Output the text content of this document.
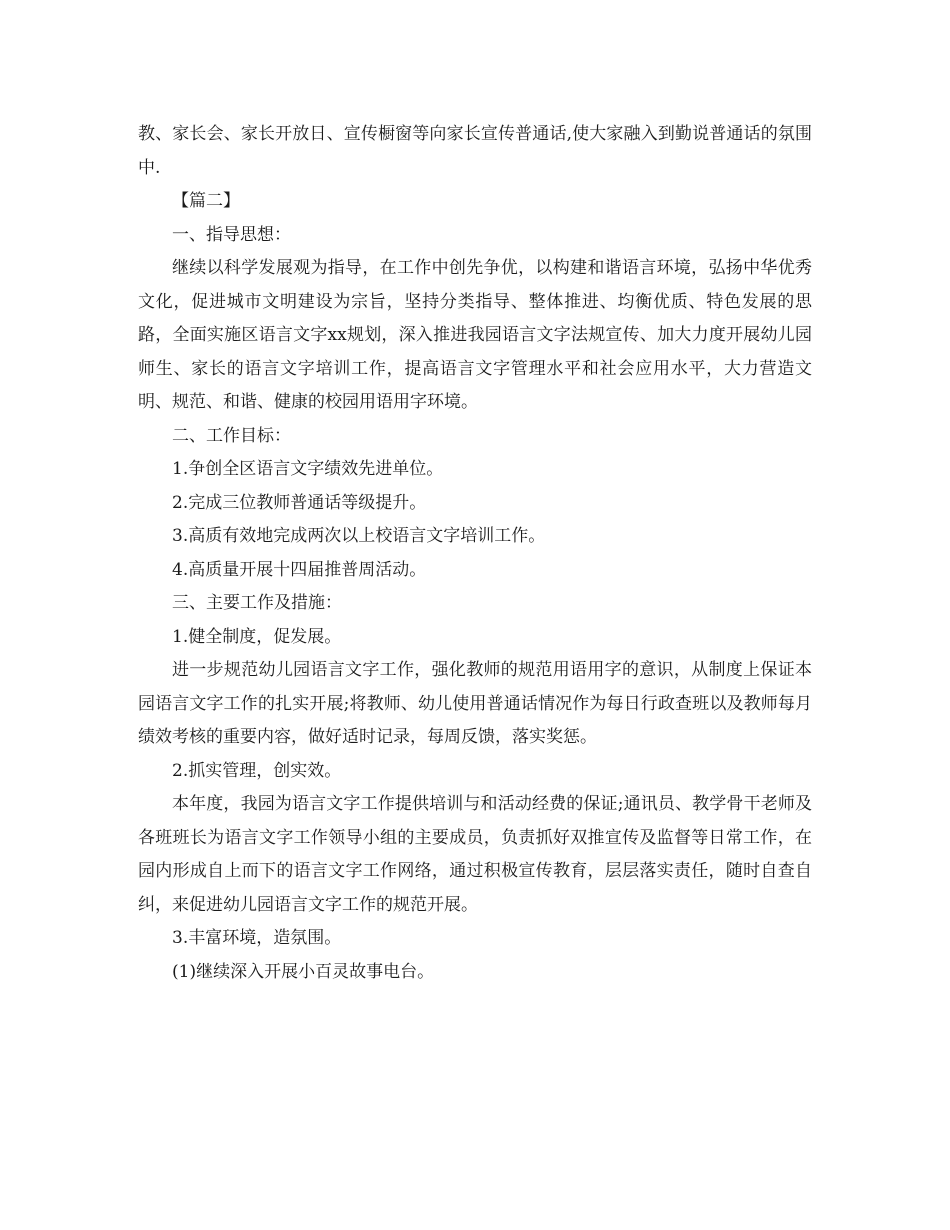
教、家长会、家长开放日、宣传橱窗等向家长宣传普通话,使大家融入到勤说普通话的氛围中.

【篇二】

一、指导思想：

继续以科学发展观为指导，在工作中创先争优，以构建和谐语言环境，弘扬中华优秀文化，促进城市文明建设为宗旨，坚持分类指导、整体推进、均衡优质、特色发展的思路，全面实施区语言文字xx规划，深入推进我园语言文字法规宣传、加大力度开展幼儿园师生、家长的语言文字培训工作，提高语言文字管理水平和社会应用水平，大力营造文明、规范、和谐、健康的校园用语用字环境。

二、工作目标：

1.争创全区语言文字绩效先进单位。

2.完成三位教师普通话等级提升。

3.高质有效地完成两次以上校语言文字培训工作。

4.高质量开展十四届推普周活动。

三、主要工作及措施：

1.健全制度，促发展。

进一步规范幼儿园语言文字工作，强化教师的规范用语用字的意识，从制度上保证本园语言文字工作的扎实开展;将教师、幼儿使用普通话情况作为每日行政查班以及教师每月绩效考核的重要内容，做好适时记录，每周反馈，落实奖惩。

2.抓实管理，创实效。

本年度，我园为语言文字工作提供培训与和活动经费的保证;通讯员、教学骨干老师及各班班长为语言文字工作领导小组的主要成员，负责抓好双推宣传及监督等日常工作，在园内形成自上而下的语言文字工作网络，通过积极宣传教育，层层落实责任，随时自查自纠，来促进幼儿园语言文字工作的规范开展。

3.丰富环境，造氛围。

(1)继续深入开展小百灵故事电台。
